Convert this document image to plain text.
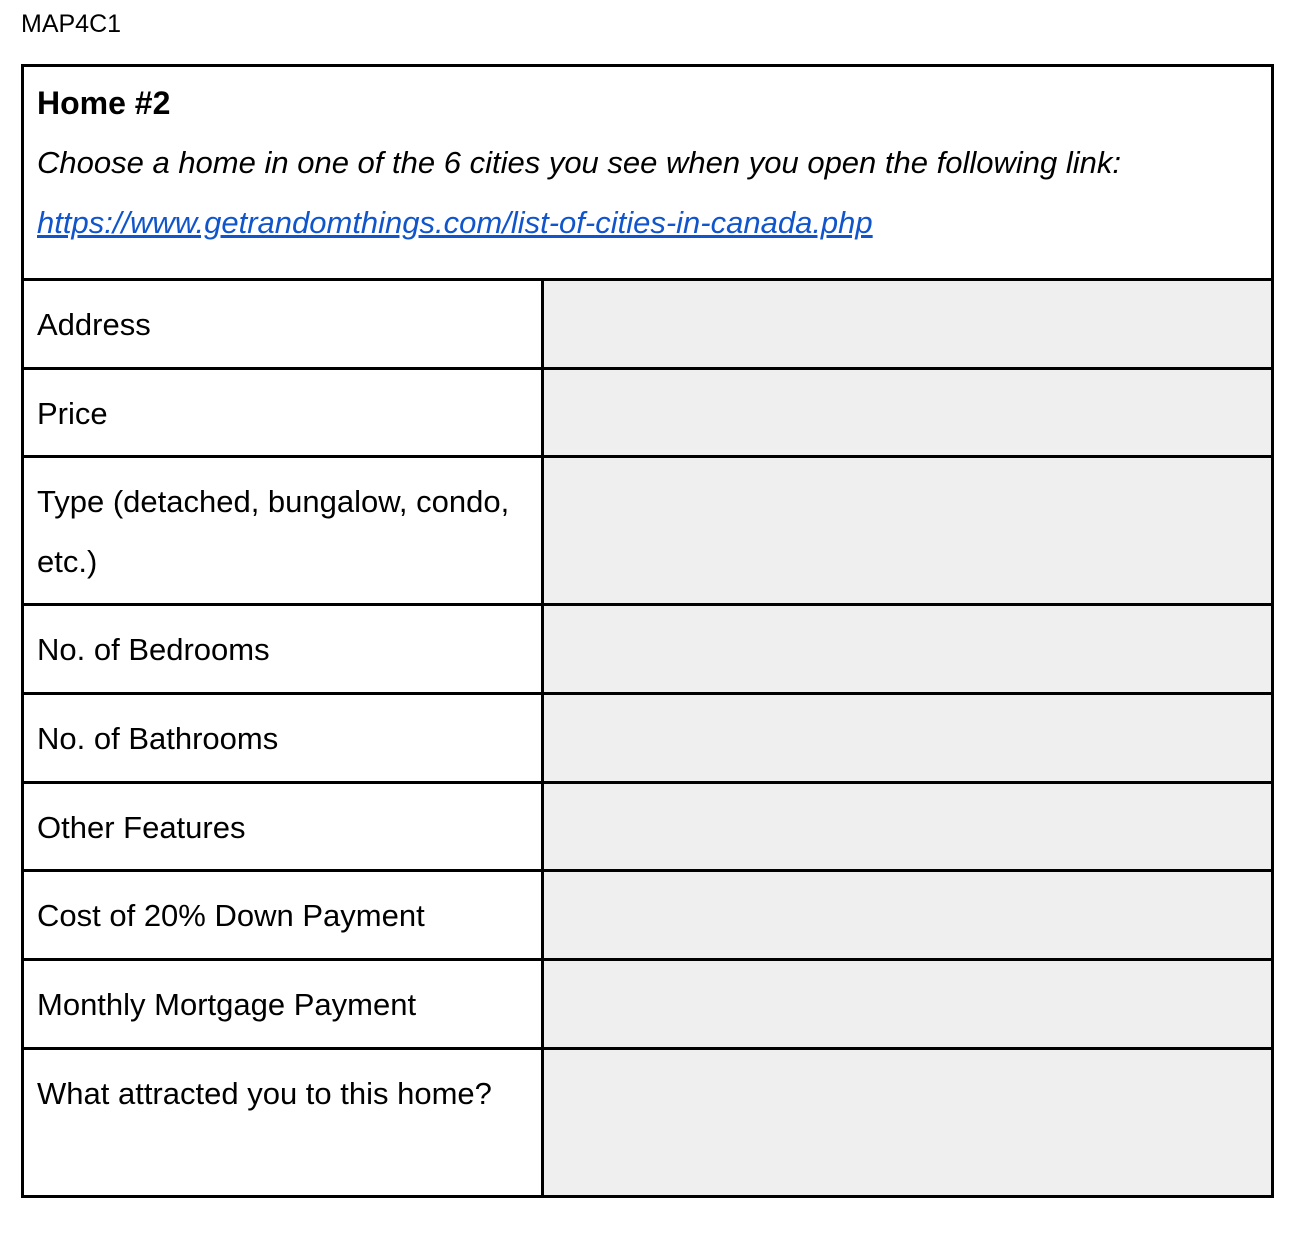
MAP4C1
Home #2
Choose a home in one of the 6 cities you see when you open the following link:
https://www.getrandomthings.com/list-of-cities-in-canada.php	
Address	

Price	

Type (detached, bungalow, condo, etc.)	

No. of Bedrooms	

No. of Bathrooms	

Other Features	

Cost of 20% Down Payment	

Monthly Mortgage Payment	

What attracted you to this home?	
